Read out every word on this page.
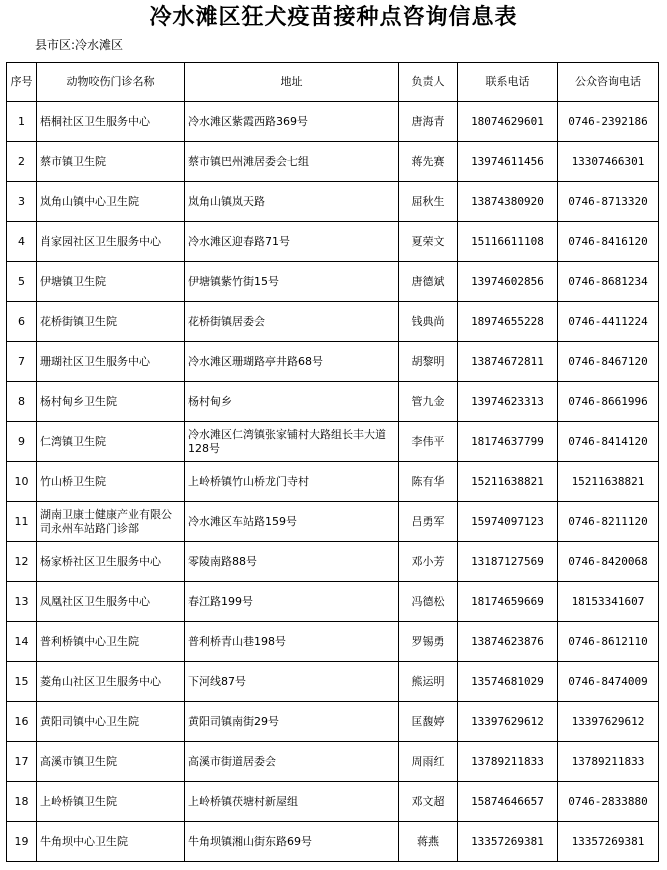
冷水滩区狂犬疫苗接种点咨询信息表
县市区:冷水滩区
序号	动物咬伤门诊名称	地址	负责人	联系电话	公众咨询电话
1	梧桐社区卫生服务中心	冷水滩区紫霞西路369号	唐海青	18074629601	0746-2392186
2	蔡市镇卫生院	蔡市镇巴州滩居委会七组	蒋先赛	13974611456	13307466301
3	岚角山镇中心卫生院	岚角山镇岚天路	屈秋生	13874380920	0746-8713320
4	肖家园社区卫生服务中心	冷水滩区迎春路71号	夏荣文	15116611108	0746-8416120
5	伊塘镇卫生院	伊塘镇紫竹街15号	唐德斌	13974602856	0746-8681234
6	花桥街镇卫生院	花桥街镇居委会	钱典尚	18974655228	0746-4411224
7	珊瑚社区卫生服务中心	冷水滩区珊瑚路亭井路68号	胡黎明	13874672811	0746-8467120
8	杨村甸乡卫生院	杨村甸乡	管九金	13974623313	0746-8661996
9	仁湾镇卫生院	冷水滩区仁湾镇张家铺村大路组长丰大道128号	李伟平	18174637799	0746-8414120
10	竹山桥卫生院	上岭桥镇竹山桥龙门寺村	陈有华	15211638821	15211638821
11	湖南卫康士健康产业有限公司永州车站路门诊部	冷水滩区车站路159号	吕勇军	15974097123	0746-8211120
12	杨家桥社区卫生服务中心	零陵南路88号	邓小芳	13187127569	0746-8420068
13	凤凰社区卫生服务中心	春江路199号	冯德松	18174659669	18153341607
14	普利桥镇中心卫生院	普利桥青山巷198号	罗锡勇	13874623876	0746-8612110
15	菱角山社区卫生服务中心	下河线87号	熊运明	13574681029	0746-8474009
16	黄阳司镇中心卫生院	黄阳司镇南街29号	匡馥婷	13397629612	13397629612
17	高溪市镇卫生院	高溪市街道居委会	周雨红	13789211833	13789211833
18	上岭桥镇卫生院	上岭桥镇茯塘村新屋组	邓文超	15874646657	0746-2833880
19	牛角坝中心卫生院	牛角坝镇湘山街东路69号	蒋燕	13357269381	13357269381
